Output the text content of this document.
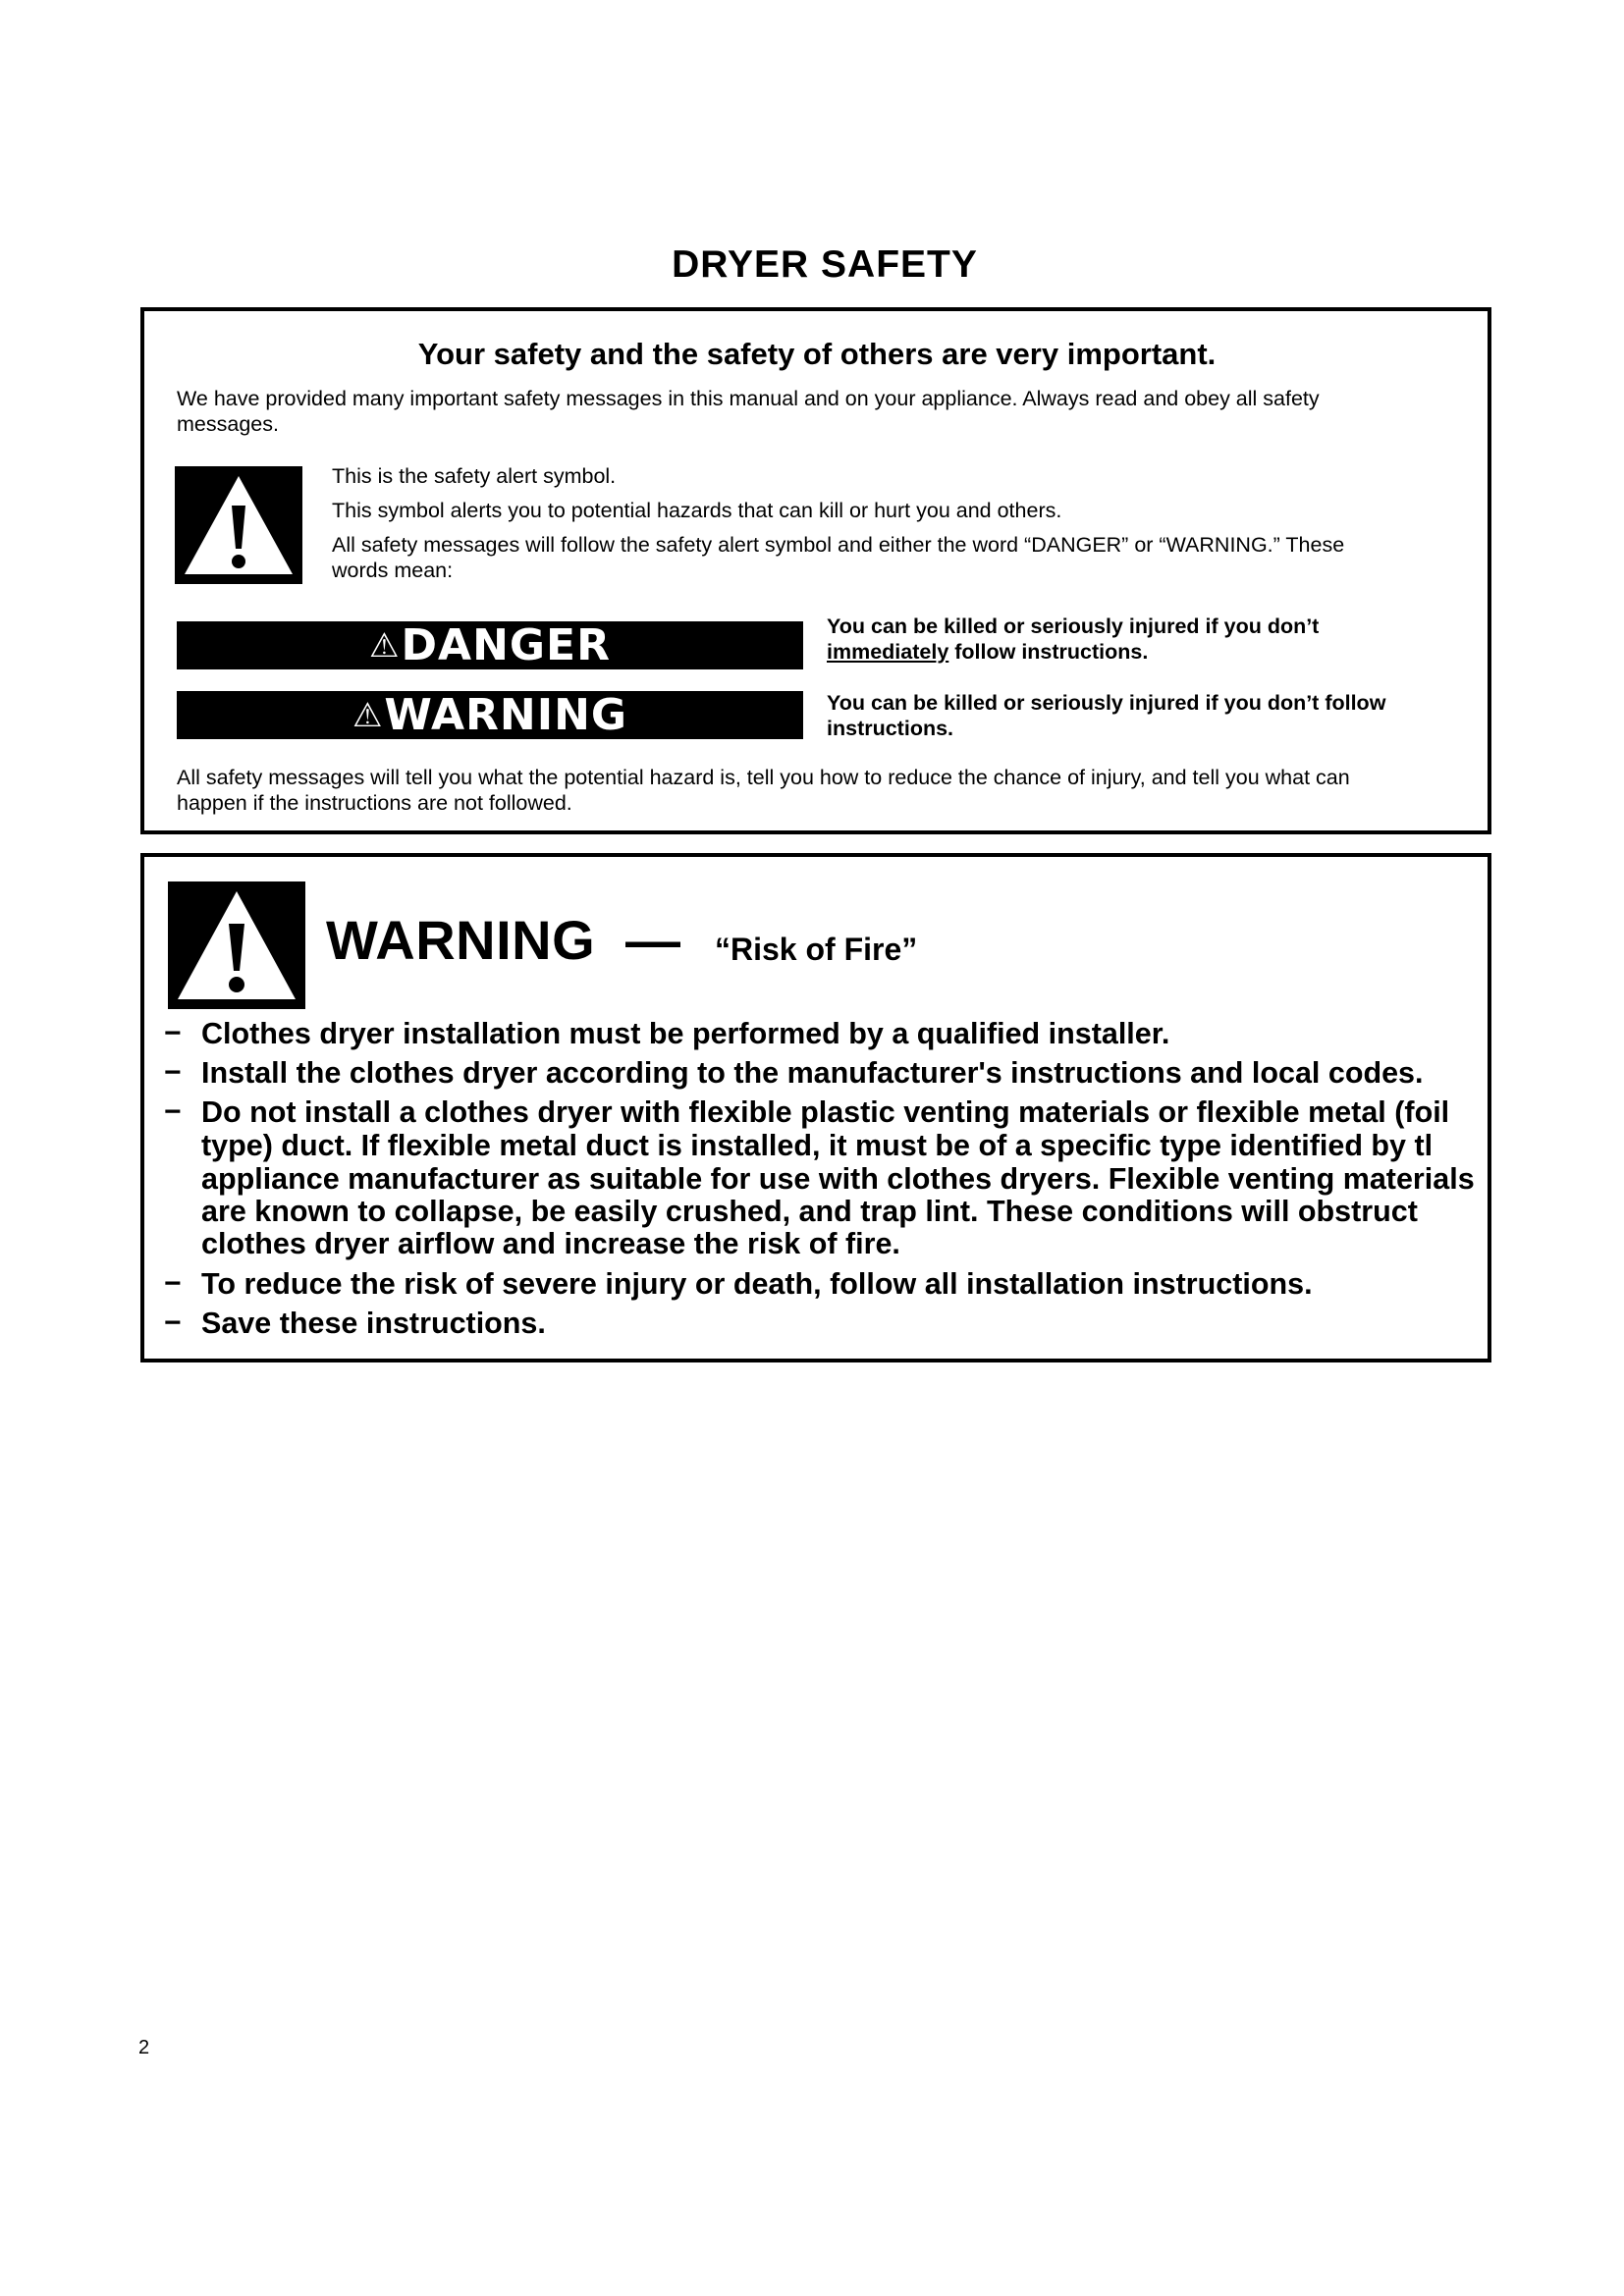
DRYER SAFETY
Your safety and the safety of others are very important.
We have provided many important safety messages in this manual and on your appliance. Always read and obey all safety
messages.
This is the safety alert symbol.
This symbol alerts you to potential hazards that can kill or hurt you and others.
All safety messages will follow the safety alert symbol and either the word “DANGER” or “WARNING.” These
words mean:
⚠DANGER	You can be killed or seriously injured if you don’t
immediately follow instructions.
⚠WARNING	You can be killed or seriously injured if you don’t follow
instructions.
All safety messages will tell you what the potential hazard is, tell you how to reduce the chance of injury, and tell you what can
happen if the instructions are not followed.
WARNING — “Risk of Fire”
− Clothes dryer installation must be performed by a qualified installer.
− Install the clothes dryer according to the manufacturer's instructions and local codes.
− Do not install a clothes dryer with flexible plastic venting materials or flexible metal (foil
type) duct. If flexible metal duct is installed, it must be of a specific type identified by tl
appliance manufacturer as suitable for use with clothes dryers. Flexible venting materials
are known to collapse, be easily crushed, and trap lint. These conditions will obstruct
clothes dryer airflow and increase the risk of fire.
− To reduce the risk of severe injury or death, follow all installation instructions.
− Save these instructions.
2
